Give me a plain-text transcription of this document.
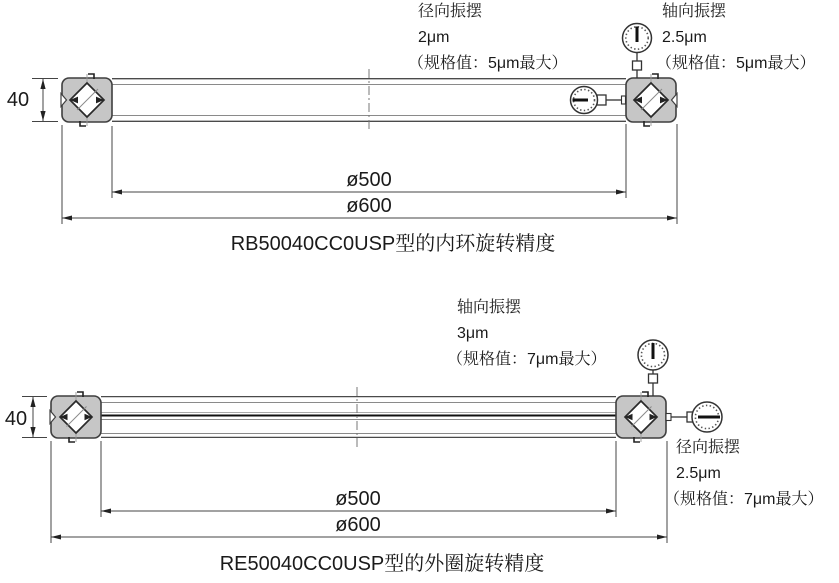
径向振摆
2μm
（规格值：5μm最大）
轴向振摆
2.5μm
（规格值：5μm最大）
40
ø500
ø600
RB50040CC0USP型的内环旋转精度
轴向振摆
3μm
（规格值：7μm最大）
径向振摆
2.5μm
（规格值：7μm最大）
40
ø500
ø600
RE50040CC0USP型的外圈旋转精度
